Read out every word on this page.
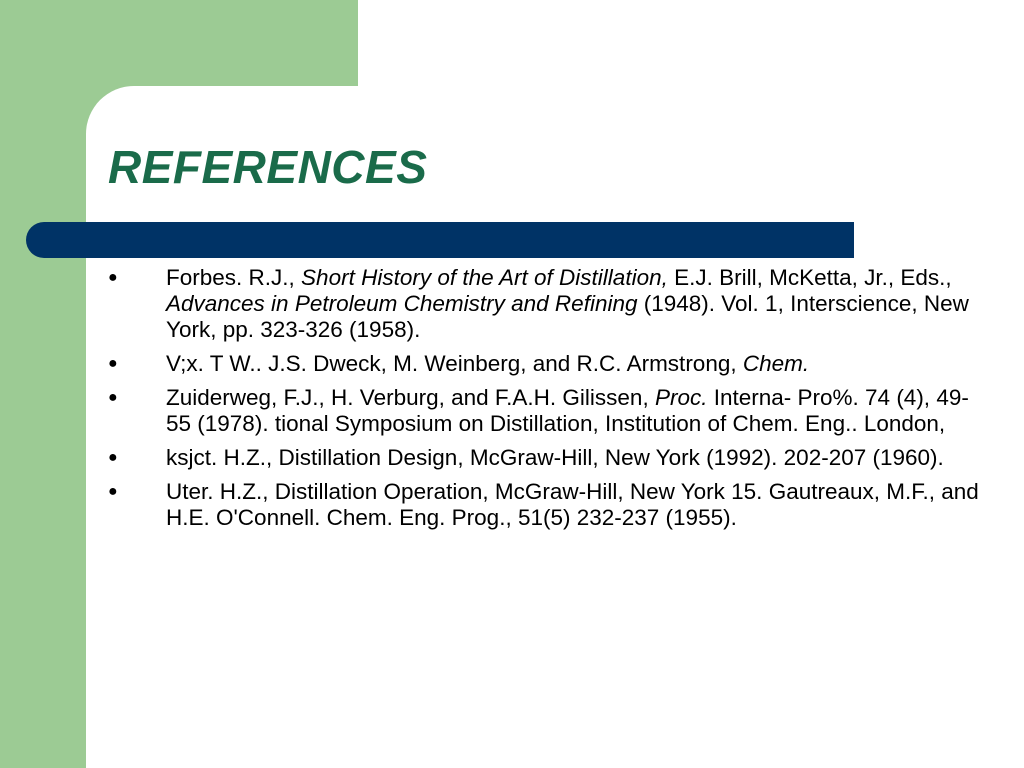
REFERENCES
● Forbes. R.J., Short History of the Art of Distillation, E.J. Brill, McKetta, Jr., Eds., Advances in Petroleum Chemistry and Refining (1948). Vol. 1, Interscience, New York, pp. 323-326 (1958).
● V;x. T W.. J.S. Dweck, M. Weinberg, and R.C. Armstrong, Chem.
● Zuiderweg, F.J., H. Verburg, and F.A.H. Gilissen, Proc. Interna- Pro%. 74 (4), 49-55 (1978). tional Symposium on Distillation, Institution of Chem. Eng.. London,
● ksjct. H.Z., Distillation Design, McGraw-Hill, New York (1992). 202-207 (1960).
● Uter. H.Z., Distillation Operation, McGraw-Hill, New York 15. Gautreaux, M.F., and H.E. O'Connell. Chem. Eng. Prog., 51(5) 232-237 (1955).
